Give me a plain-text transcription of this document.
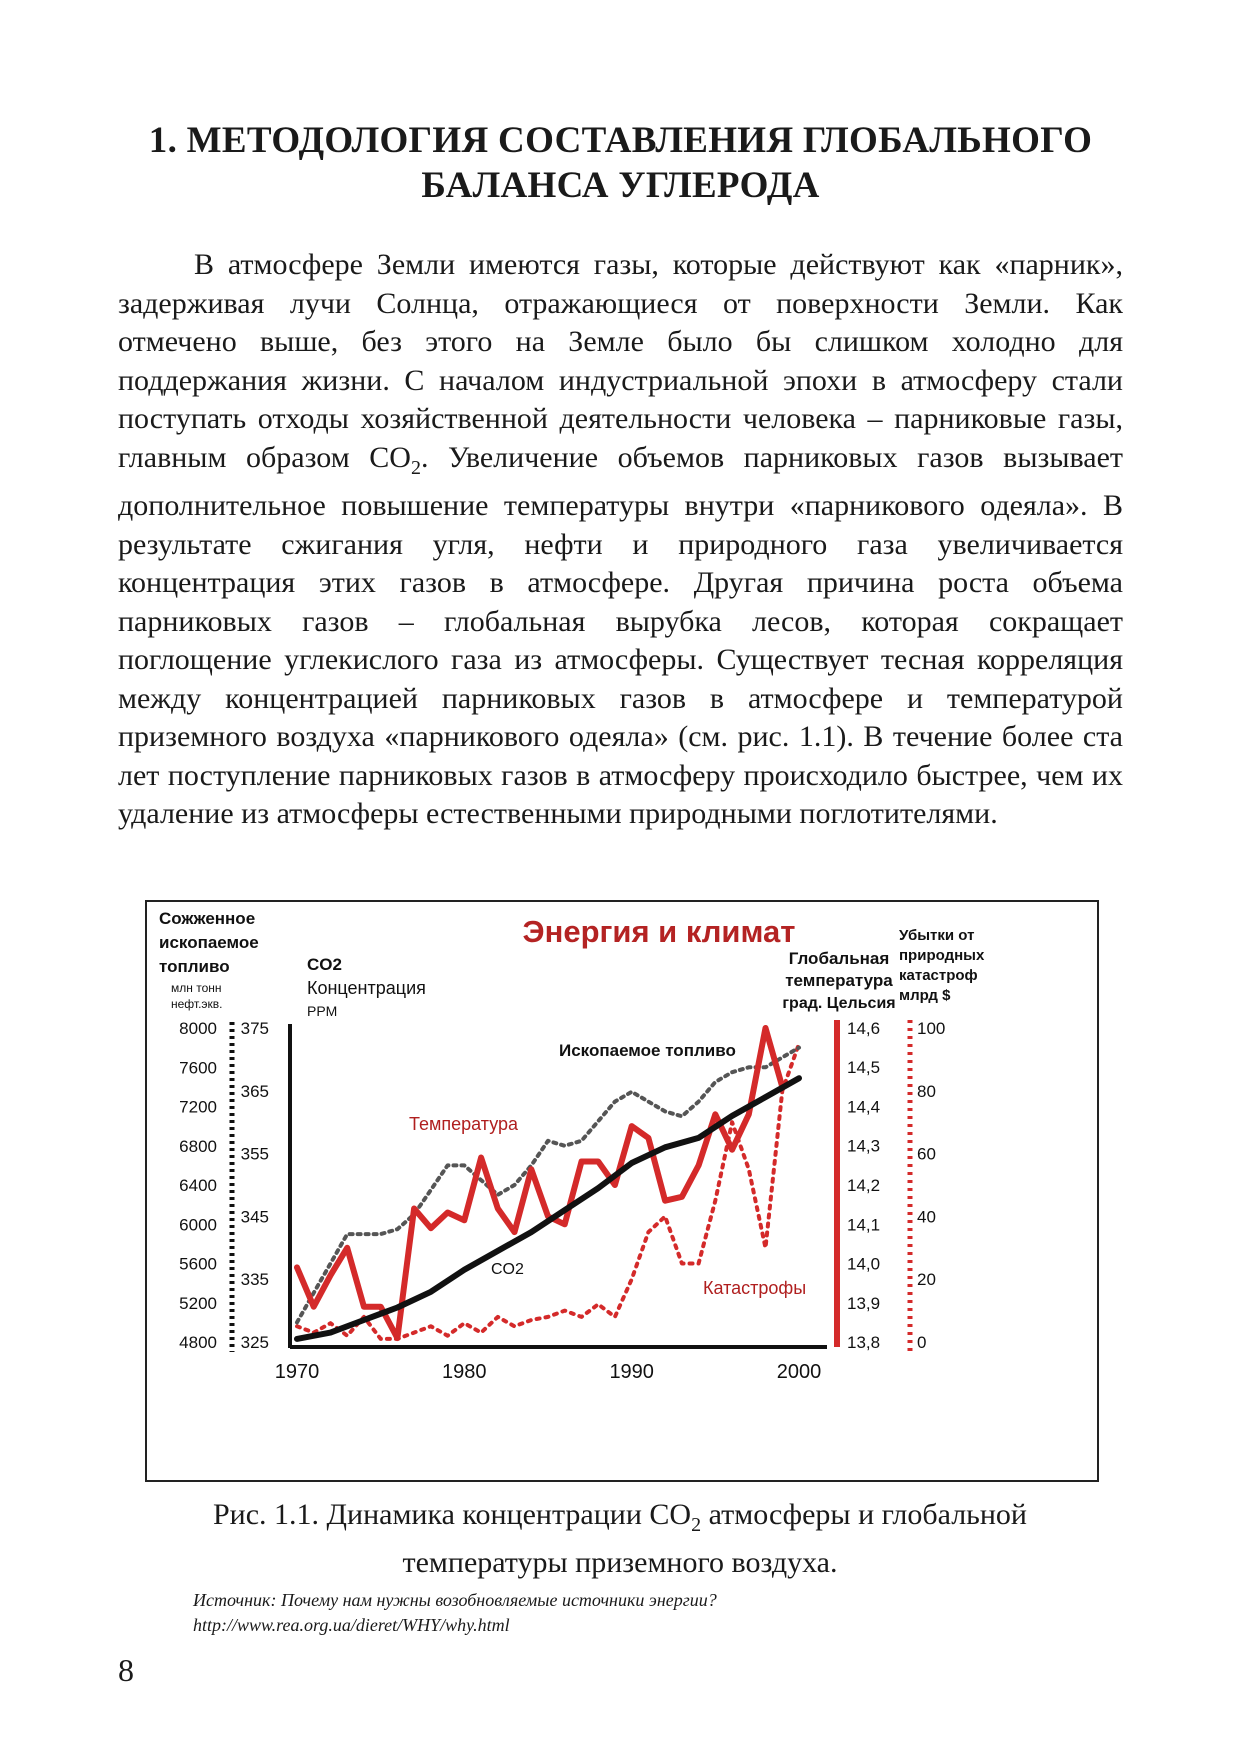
1. МЕТОДОЛОГИЯ СОСТАВЛЕНИЯ ГЛОБАЛЬНОГО
БАЛАНСА УГЛЕРОДА

В атмосфере Земли имеются газы, которые действуют как «парник», задерживая лучи Солнца, отражающиеся от поверхности Земли. Как отмечено выше, без этого на Земле было бы слишком холодно для поддержания жизни. С началом индустриальной эпохи в атмосферу стали поступать отходы хозяйственной деятельности человека – парниковые газы, главным образом $CO_2$. Увеличение объемов парниковых газов вызывает дополнительное повышение температуры внутри «парникового одеяла». В результате сжигания угля, нефти и природного газа увеличивается концентрация этих газов в атмосфере. Другая причина роста объема парниковых газов – глобальная вырубка лесов, которая сокращает поглощение углекислого газа из атмосферы. Существует тесная корреляция между концентрацией парниковых газов в атмосфере и температурой приземного воздуха «парникового одеяла» (см. рис. 1.1). В течение более ста лет поступление парниковых газов в атмосферу происходило быстрее, чем их удаление из атмосферы естественными природными поглотителями.

Сожженное
ископаемое
топливо
млн тонн
нефт.экв.
CO2
Концентрация
PPM
Энергия и климат
Глобальная
температура
град. Цельсия
Убытки от
природных
катастроф
млрд $
8000
7600
7200
6800
6400
6000
5600
5200
4800
375
365
355
345
335
325
14,6
14,5
14,4
14,3
14,2
14,1
14,0
13,9
13,8
100
80
60
40
20
0
1970	1980	1990	2000
Ископаемое топливо
Температура
CO2
Катастрофы
Рис. 1.1. Динамика концентрации $CO_2$ атмосферы и глобальной
температуры приземного воздуха.
Источник: Почему нам нужны возобновляемые источники энергии?
http://www.rea.org.ua/dieret/WHY/why.html
8
